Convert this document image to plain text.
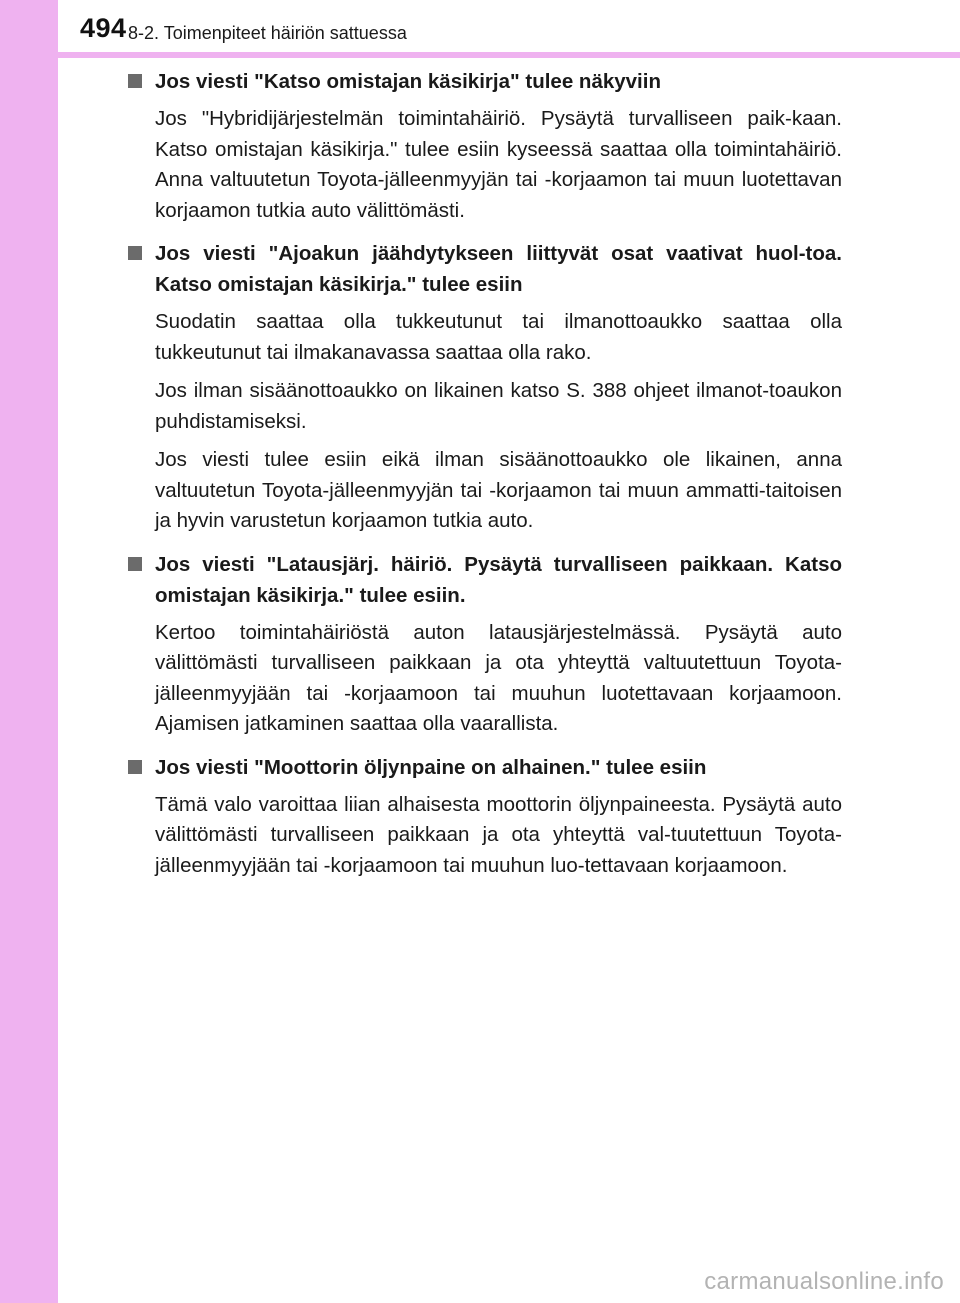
494 8-2. Toimenpiteet häiriön sattuessa
Jos viesti "Katso omistajan käsikirja" tulee näkyviin

Jos "Hybridijärjestelmän toimintahäiriö. Pysäytä turvalliseen paik-kaan. Katso omistajan käsikirja." tulee esiin kyseessä saattaa olla toimintahäiriö. Anna valtuutetun Toyota-jälleenmyyjän tai -korjaamon tai muun luotettavan korjaamon tutkia auto välittömästi.

Jos viesti "Ajoakun jäähdytykseen liittyvät osat vaativat huol-toa. Katso omistajan käsikirja." tulee esiin

Suodatin saattaa olla tukkeutunut tai ilmanottoaukko saattaa olla tukkeutunut tai ilmakanavassa saattaa olla rako.

Jos ilman sisäänottoaukko on likainen katso S. 388 ohjeet ilmanot-toaukon puhdistamiseksi.

Jos viesti tulee esiin eikä ilman sisäänottoaukko ole likainen, anna valtuutetun Toyota-jälleenmyyjän tai -korjaamon tai muun ammatti-taitoisen ja hyvin varustetun korjaamon tutkia auto.

Jos viesti "Latausjärj. häiriö. Pysäytä turvalliseen paikkaan. Katso omistajan käsikirja." tulee esiin.

Kertoo toimintahäiriöstä auton latausjärjestelmässä. Pysäytä auto välittömästi turvalliseen paikkaan ja ota yhteyttä valtuutettuun Toyota-jälleenmyyjään tai -korjaamoon tai muuhun luotettavaan korjaamoon. Ajamisen jatkaminen saattaa olla vaarallista.

Jos viesti "Moottorin öljynpaine on alhainen." tulee esiin

Tämä valo varoittaa liian alhaisesta moottorin öljynpaineesta. Pysäytä auto välittömästi turvalliseen paikkaan ja ota yhteyttä val-tuutettuun Toyota-jälleenmyyjään tai -korjaamoon tai muuhun luo-tettavaan korjaamoon.

carmanualsonline.info
